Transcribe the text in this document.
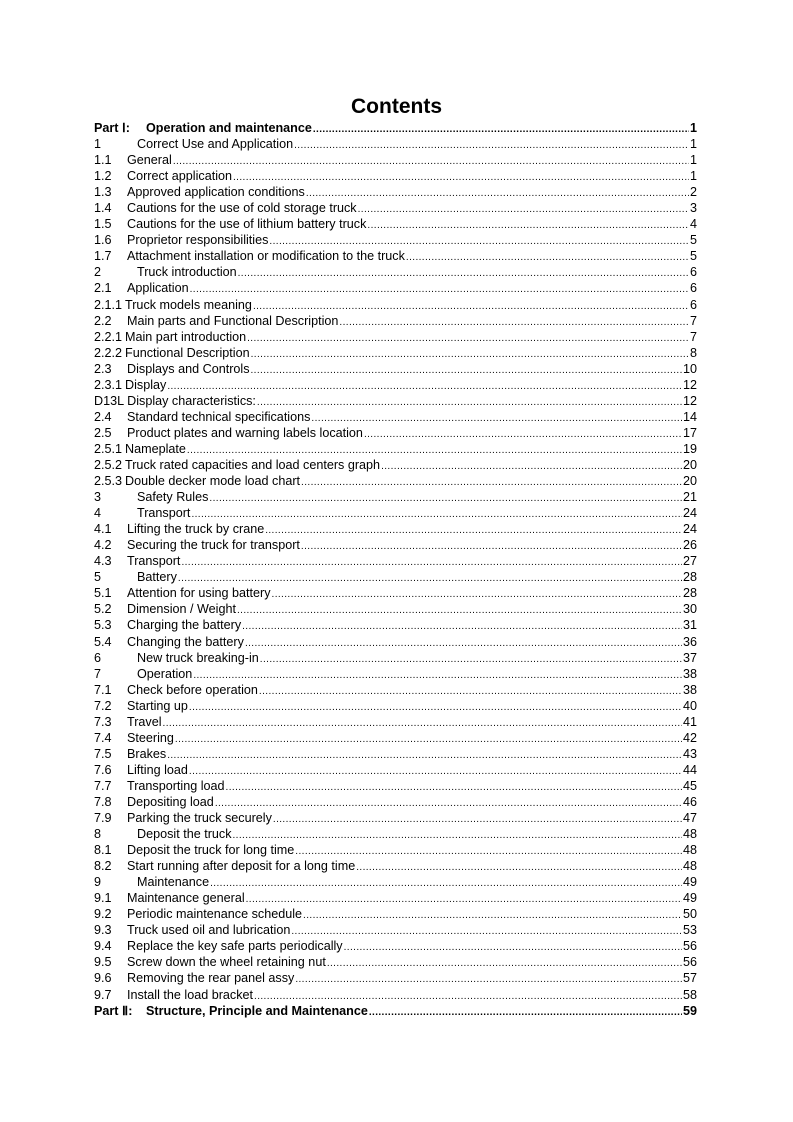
Contents
Part Ⅰ:	Operation and maintenance .....	1
1	Correct Use and Application .....	1
1.1	General .....	1
1.2	Correct application .....	1
1.3	Approved application conditions .....	2
1.4	Cautions for the use of cold storage truck .....	3
1.5	Cautions for the use of lithium battery truck .....	4
1.6	Proprietor responsibilities .....	5
1.7	Attachment installation or modification to the truck .....	5
2	Truck introduction .....	6
2.1	Application .....	6
2.1.1 Truck models meaning .....	6
2.2	Main parts and Functional Description .....	7
2.2.1 Main part introduction .....	7
2.2.2 Functional Description .....	8
2.3	Displays and Controls .....	10
2.3.1 Display .....	12
D13L Display characteristics: .....	12
2.4	Standard technical specifications .....	14
2.5	Product plates and warning labels location .....	17
2.5.1 Nameplate .....	19
2.5.2 Truck rated capacities and load centers graph .....	20
2.5.3 Double decker mode load chart .....	20
3	Safety Rules .....	21
4	Transport .....	24
4.1	Lifting the truck by crane .....	24
4.2	Securing the truck for transport .....	26
4.3	Transport .....	27
5	Battery .....	28
5.1	Attention for using battery .....	28
5.2	Dimension / Weight .....	30
5.3	Charging the battery .....	31
5.4	Changing the battery .....	36
6	New truck breaking-in .....	37
7	Operation .....	38
7.1	Check before operation .....	38
7.2	Starting up .....	40
7.3	Travel .....	41
7.4	Steering .....	42
7.5	Brakes .....	43
7.6	Lifting load .....	44
7.7	Transporting load .....	45
7.8	Depositing load .....	46
7.9	Parking the truck securely .....	47
8	Deposit the truck .....	48
8.1	Deposit the truck for long time .....	48
8.2	Start running after deposit for a long time .....	48
9	Maintenance .....	49
9.1	Maintenance general .....	49
9.2	Periodic maintenance schedule .....	50
9.3	Truck used oil and lubrication .....	53
9.4	Replace the key safe parts periodically .....	56
9.5	Screw down the wheel retaining nut .....	56
9.6	Removing the rear panel assy .....	57
9.7	Install the load bracket .....	58
Part Ⅱ:	Structure, Principle and Maintenance .....	59
